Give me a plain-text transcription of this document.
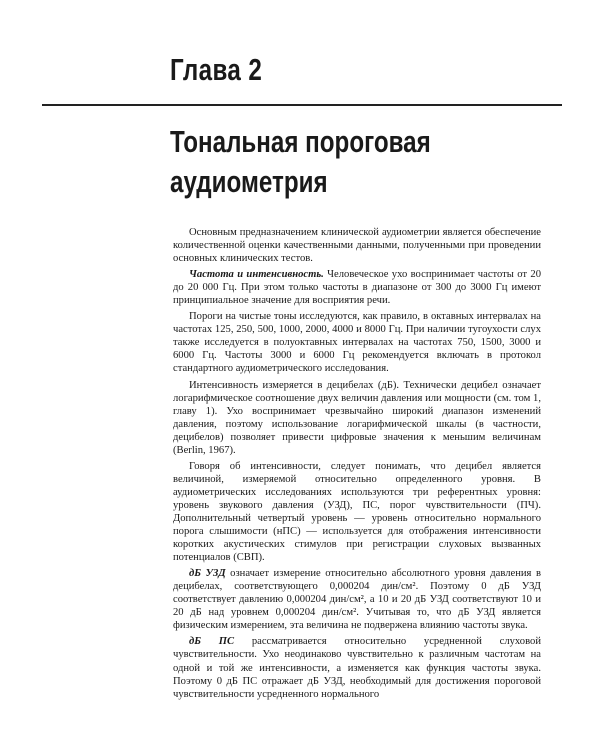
Глава 2
Тональная пороговая
аудиометрия

Основным предназначением клинической аудиометрии является обеспечение количественной оценки качественными данными, полученными при проведении основных клинических тестов.

Частота и интенсивность. Человеческое ухо воспринимает частоты от 20 до 20 000 Гц. При этом только частоты в диапазоне от 300 до 3000 Гц имеют принципиальное значение для восприятия речи.

Пороги на чистые тоны исследуются, как правило, в октавных интервалах на частотах 125, 250, 500, 1000, 2000, 4000 и 8000 Гц. При наличии тугоухости слух также исследуется в полуоктавных интервалах на частотах 750, 1500, 3000 и 6000 Гц. Частоты 3000 и 6000 Гц рекомендуется включать в протокол стандартного аудиометрического исследования.

Интенсивность измеряется в децибелах (дБ). Технически децибел означает логарифмическое соотношение двух величин давления или мощности (см. том 1, главу 1). Ухо воспринимает чрезвычайно широкий диапазон изменений давления, поэтому использование логарифмической шкалы (в частности, децибелов) позволяет привести цифровые значения к меньшим величинам (Berlin, 1967).

Говоря об интенсивности, следует понимать, что децибел является величиной, измеряемой относительно определенного уровня. В аудиометрических исследованиях используются три референтных уровня: уровень звукового давления (УЗД), ПС, порог чувствительности (ПЧ). Дополнительный четвертый уровень — уровень относительно нормального порога слышимости (нПС) — используется для отображения интенсивности коротких акустических стимулов при регистрации слуховых вызванных потенциалов (СВП).

дБ УЗД означает измерение относительно абсолютного уровня давления в децибелах, соответствующего 0,000204 дин/см². Поэтому 0 дБ УЗД соответствует давлению 0,000204 дин/см², а 10 и 20 дБ УЗД соответствуют 10 и 20 дБ над уровнем 0,000204 дин/см². Учитывая то, что дБ УЗД является физическим измерением, эта величина не подвержена влиянию частоты звука.

дБ ПС рассматривается относительно усредненной слуховой чувствительности. Ухо неодинаково чувствительно к различным частотам на одной и той же интенсивности, а изменяется как функция частоты звука. Поэтому 0 дБ ПС отражает дБ УЗД, необходимый для достижения пороговой чувствительности усредненного нормального
